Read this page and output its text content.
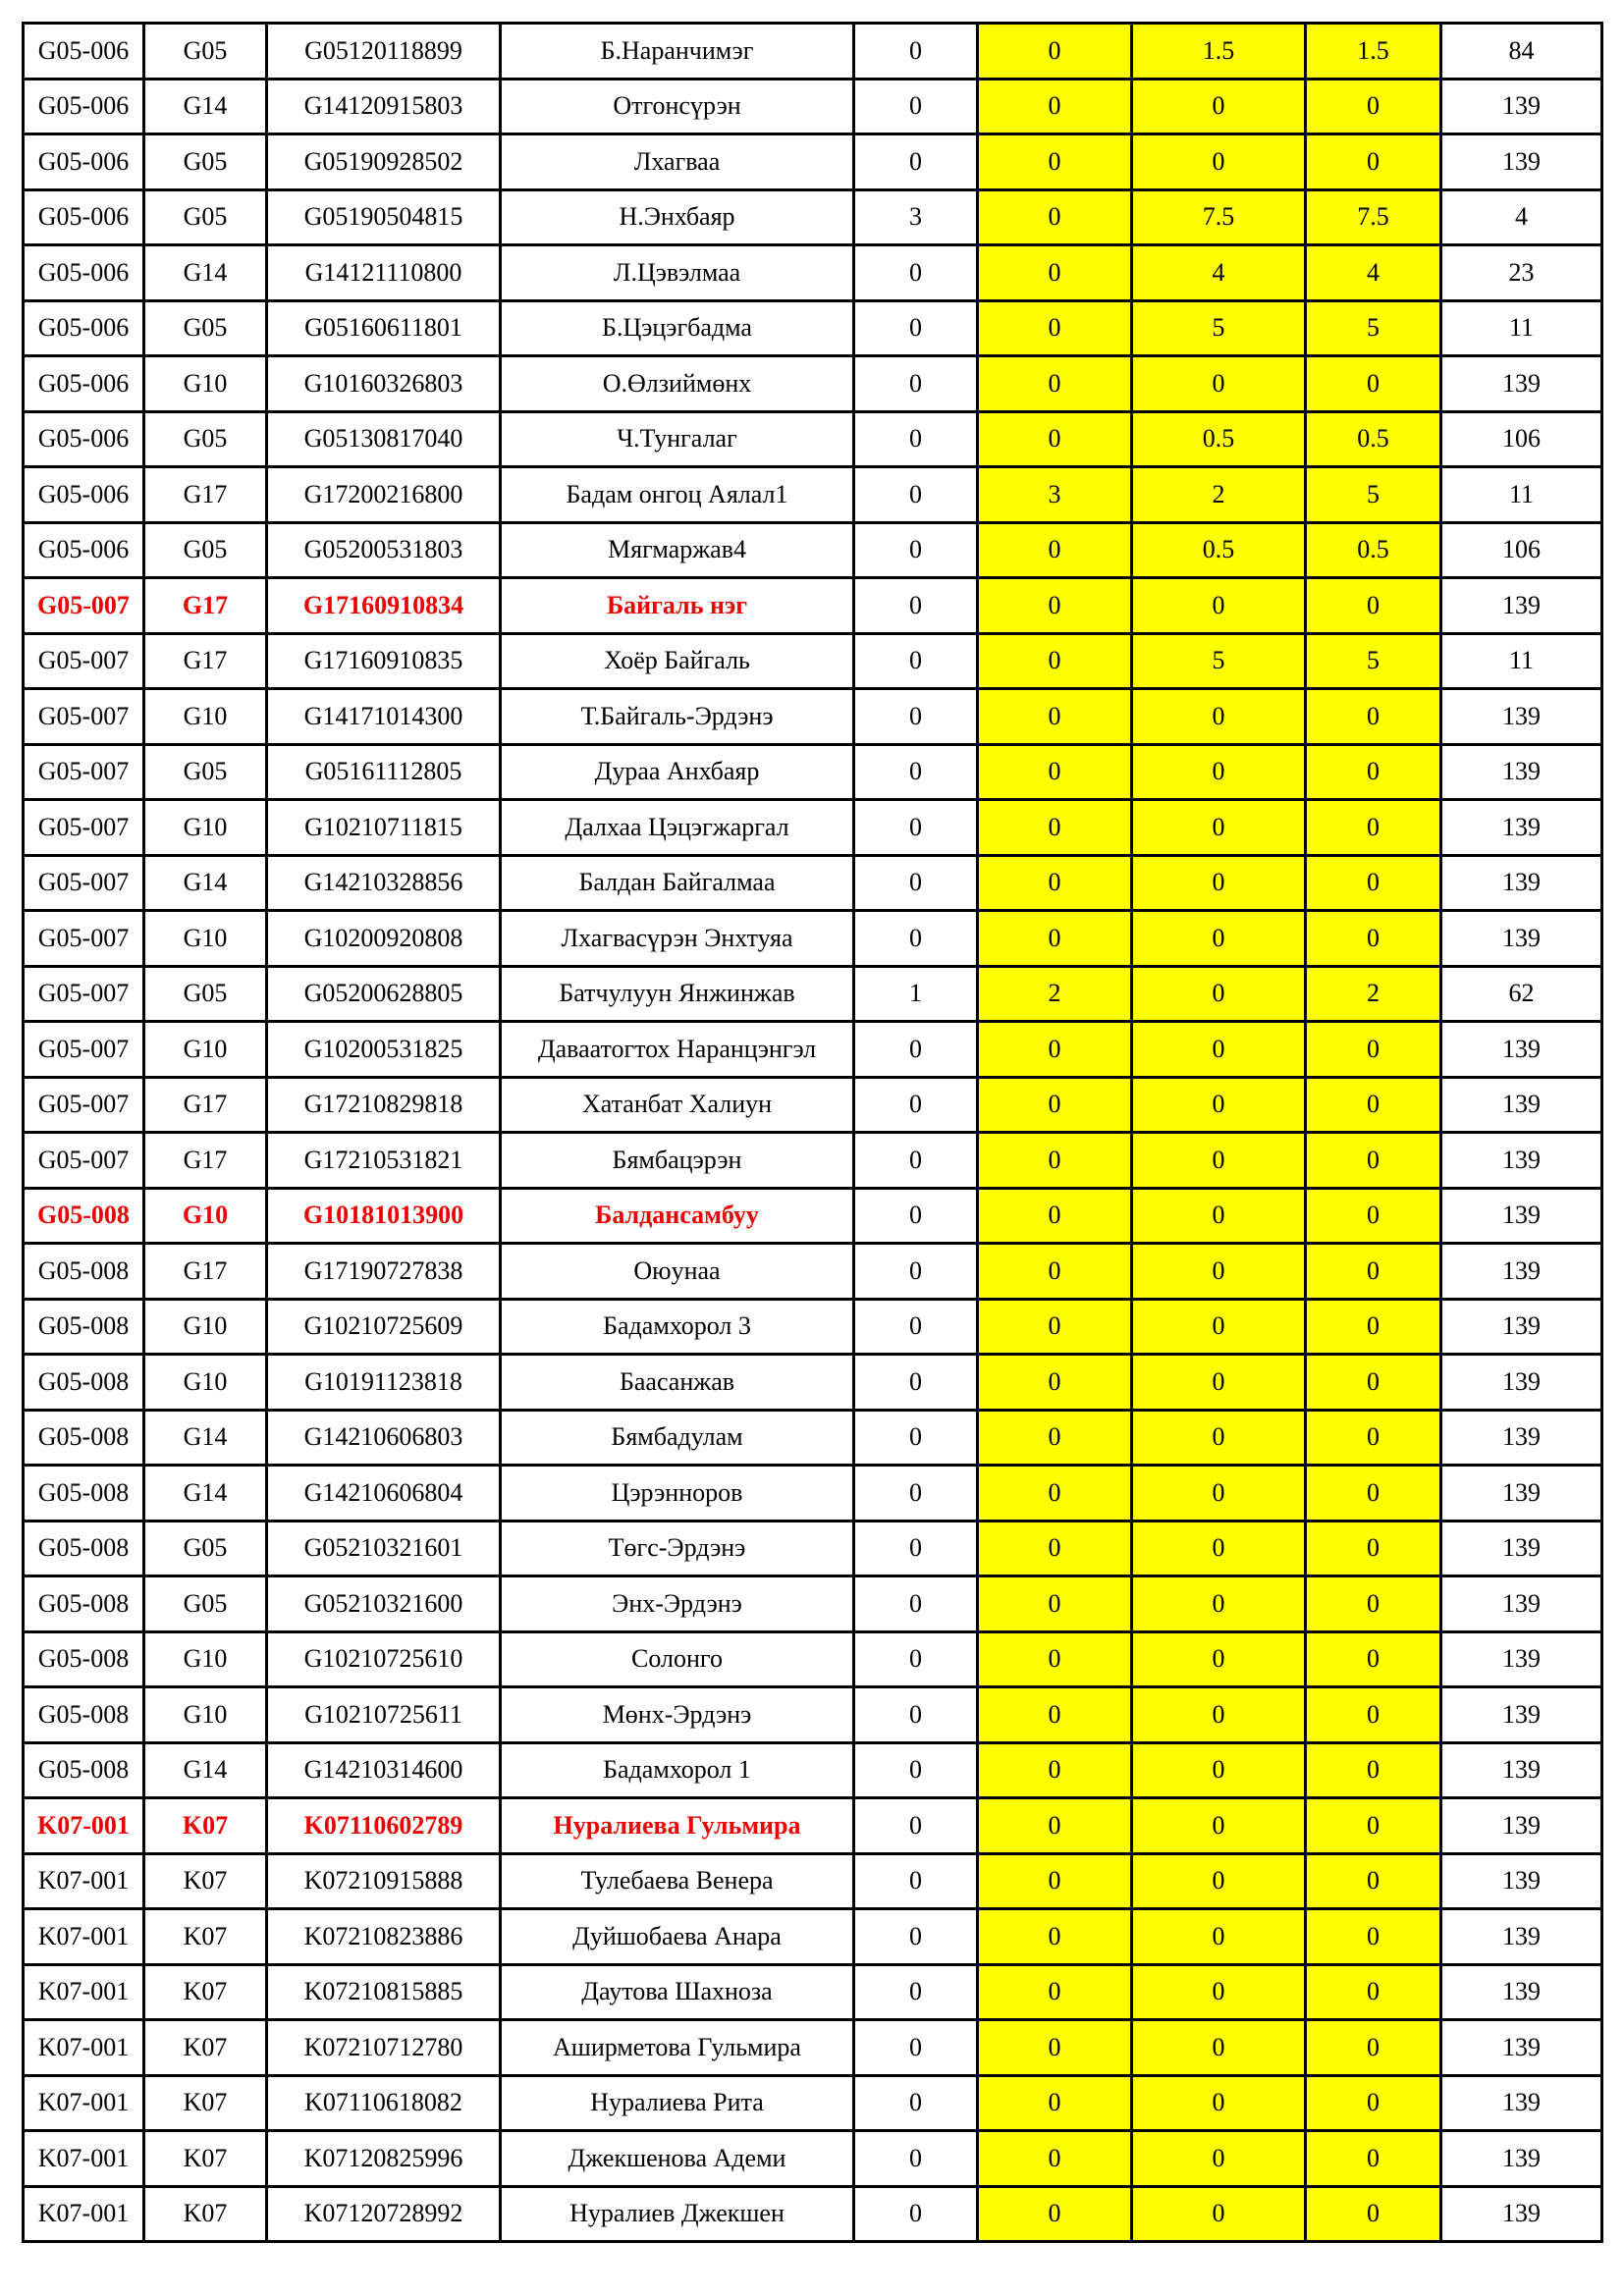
G05-006	G05	G05120118899	Б.Наранчимэг	0	0	1.5	1.5	84
G05-006	G14	G14120915803	Отгонсүрэн	0	0	0	0	139
G05-006	G05	G05190928502	Лхагваа	0	0	0	0	139
G05-006	G05	G05190504815	Н.Энхбаяр	3	0	7.5	7.5	4
G05-006	G14	G14121110800	Л.Цэвэлмаа	0	0	4	4	23
G05-006	G05	G05160611801	Б.Цэцэгбадма	0	0	5	5	11
G05-006	G10	G10160326803	О.Өлзиймөнх	0	0	0	0	139
G05-006	G05	G05130817040	Ч.Тунгалаг	0	0	0.5	0.5	106
G05-006	G17	G17200216800	Бадам онгоц Аялал1	0	3	2	5	11
G05-006	G05	G05200531803	Мягмаржав4	0	0	0.5	0.5	106
G05-007	G17	G17160910834	Байгаль нэг	0	0	0	0	139
G05-007	G17	G17160910835	Хоёр Байгаль	0	0	5	5	11
G05-007	G10	G14171014300	Т.Байгаль-Эрдэнэ	0	0	0	0	139
G05-007	G05	G05161112805	Дураа Анхбаяр	0	0	0	0	139
G05-007	G10	G10210711815	Далхаа Цэцэгжаргал	0	0	0	0	139
G05-007	G14	G14210328856	Балдан Байгалмаа	0	0	0	0	139
G05-007	G10	G10200920808	Лхагвасүрэн Энхтуяа	0	0	0	0	139
G05-007	G05	G05200628805	Батчулуун Янжинжав	1	2	0	2	62
G05-007	G10	G10200531825	Даваатогтох Наранцэнгэл	0	0	0	0	139
G05-007	G17	G17210829818	Хатанбат Халиун	0	0	0	0	139
G05-007	G17	G17210531821	Бямбацэрэн	0	0	0	0	139
G05-008	G10	G10181013900	Балдансамбуу	0	0	0	0	139
G05-008	G17	G17190727838	Оюунаа	0	0	0	0	139
G05-008	G10	G10210725609	Бадамхорол 3	0	0	0	0	139
G05-008	G10	G10191123818	Баасанжав	0	0	0	0	139
G05-008	G14	G14210606803	Бямбадулам	0	0	0	0	139
G05-008	G14	G14210606804	Цэрэнноров	0	0	0	0	139
G05-008	G05	G05210321601	Төгс-Эрдэнэ	0	0	0	0	139
G05-008	G05	G05210321600	Энх-Эрдэнэ	0	0	0	0	139
G05-008	G10	G10210725610	Солонго	0	0	0	0	139
G05-008	G10	G10210725611	Мөнх-Эрдэнэ	0	0	0	0	139
G05-008	G14	G14210314600	Бадамхорол 1	0	0	0	0	139
K07-001	K07	K07110602789	Нуралиева Гульмира	0	0	0	0	139
K07-001	K07	K07210915888	Тулебаева Венера	0	0	0	0	139
K07-001	K07	K07210823886	Дуйшобаева Анара	0	0	0	0	139
K07-001	K07	K07210815885	Даутова Шахноза	0	0	0	0	139
K07-001	K07	K07210712780	Аширметова Гульмира	0	0	0	0	139
K07-001	K07	K07110618082	Нуралиева Рита	0	0	0	0	139
K07-001	K07	K07120825996	Джекшенова Адеми	0	0	0	0	139
K07-001	K07	K07120728992	Нуралиев Джекшен	0	0	0	0	139
